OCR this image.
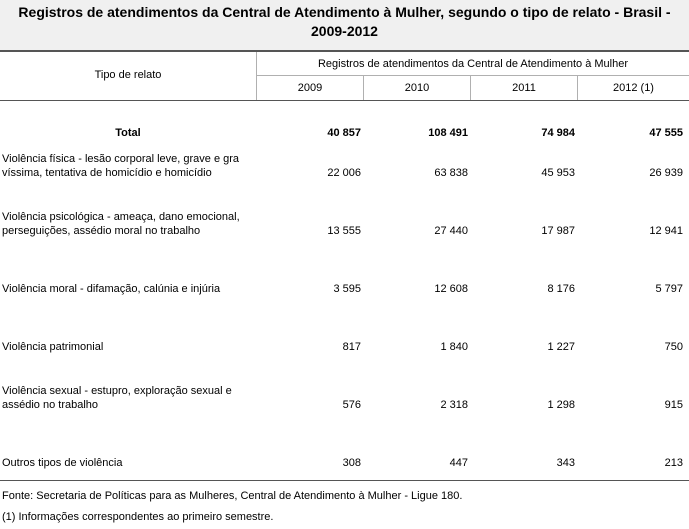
Registros de atendimentos da Central de Atendimento à Mulher, segundo o tipo de relato - Brasil - 2009-2012
Tipo de relato
Registros de atendimentos da Central de Atendimento à Mulher
2009	2010	2011	2012 (1)
Total	40 857	108 491	74 984	47 555
Violência física - lesão corporal leve, grave e gra
víssima, tentativa de homicídio e homicídio	22 006	63 838	45 953	26 939
Violência psicológica - ameaça, dano emocional,
perseguições, assédio moral no trabalho	13 555	27 440	17 987	12 941
Violência moral - difamação, calúnia e injúria	3 595	12 608	8 176	5 797
Violência patrimonial	817	1 840	1 227	750
Violência sexual - estupro, exploração sexual e
assédio no trabalho	576	2 318	1 298	915
Outros tipos de violência	308	447	343	213
Fonte: Secretaria de Políticas para as Mulheres, Central de Atendimento à Mulher - Ligue 180.
(1) Informações correspondentes ao primeiro semestre.
